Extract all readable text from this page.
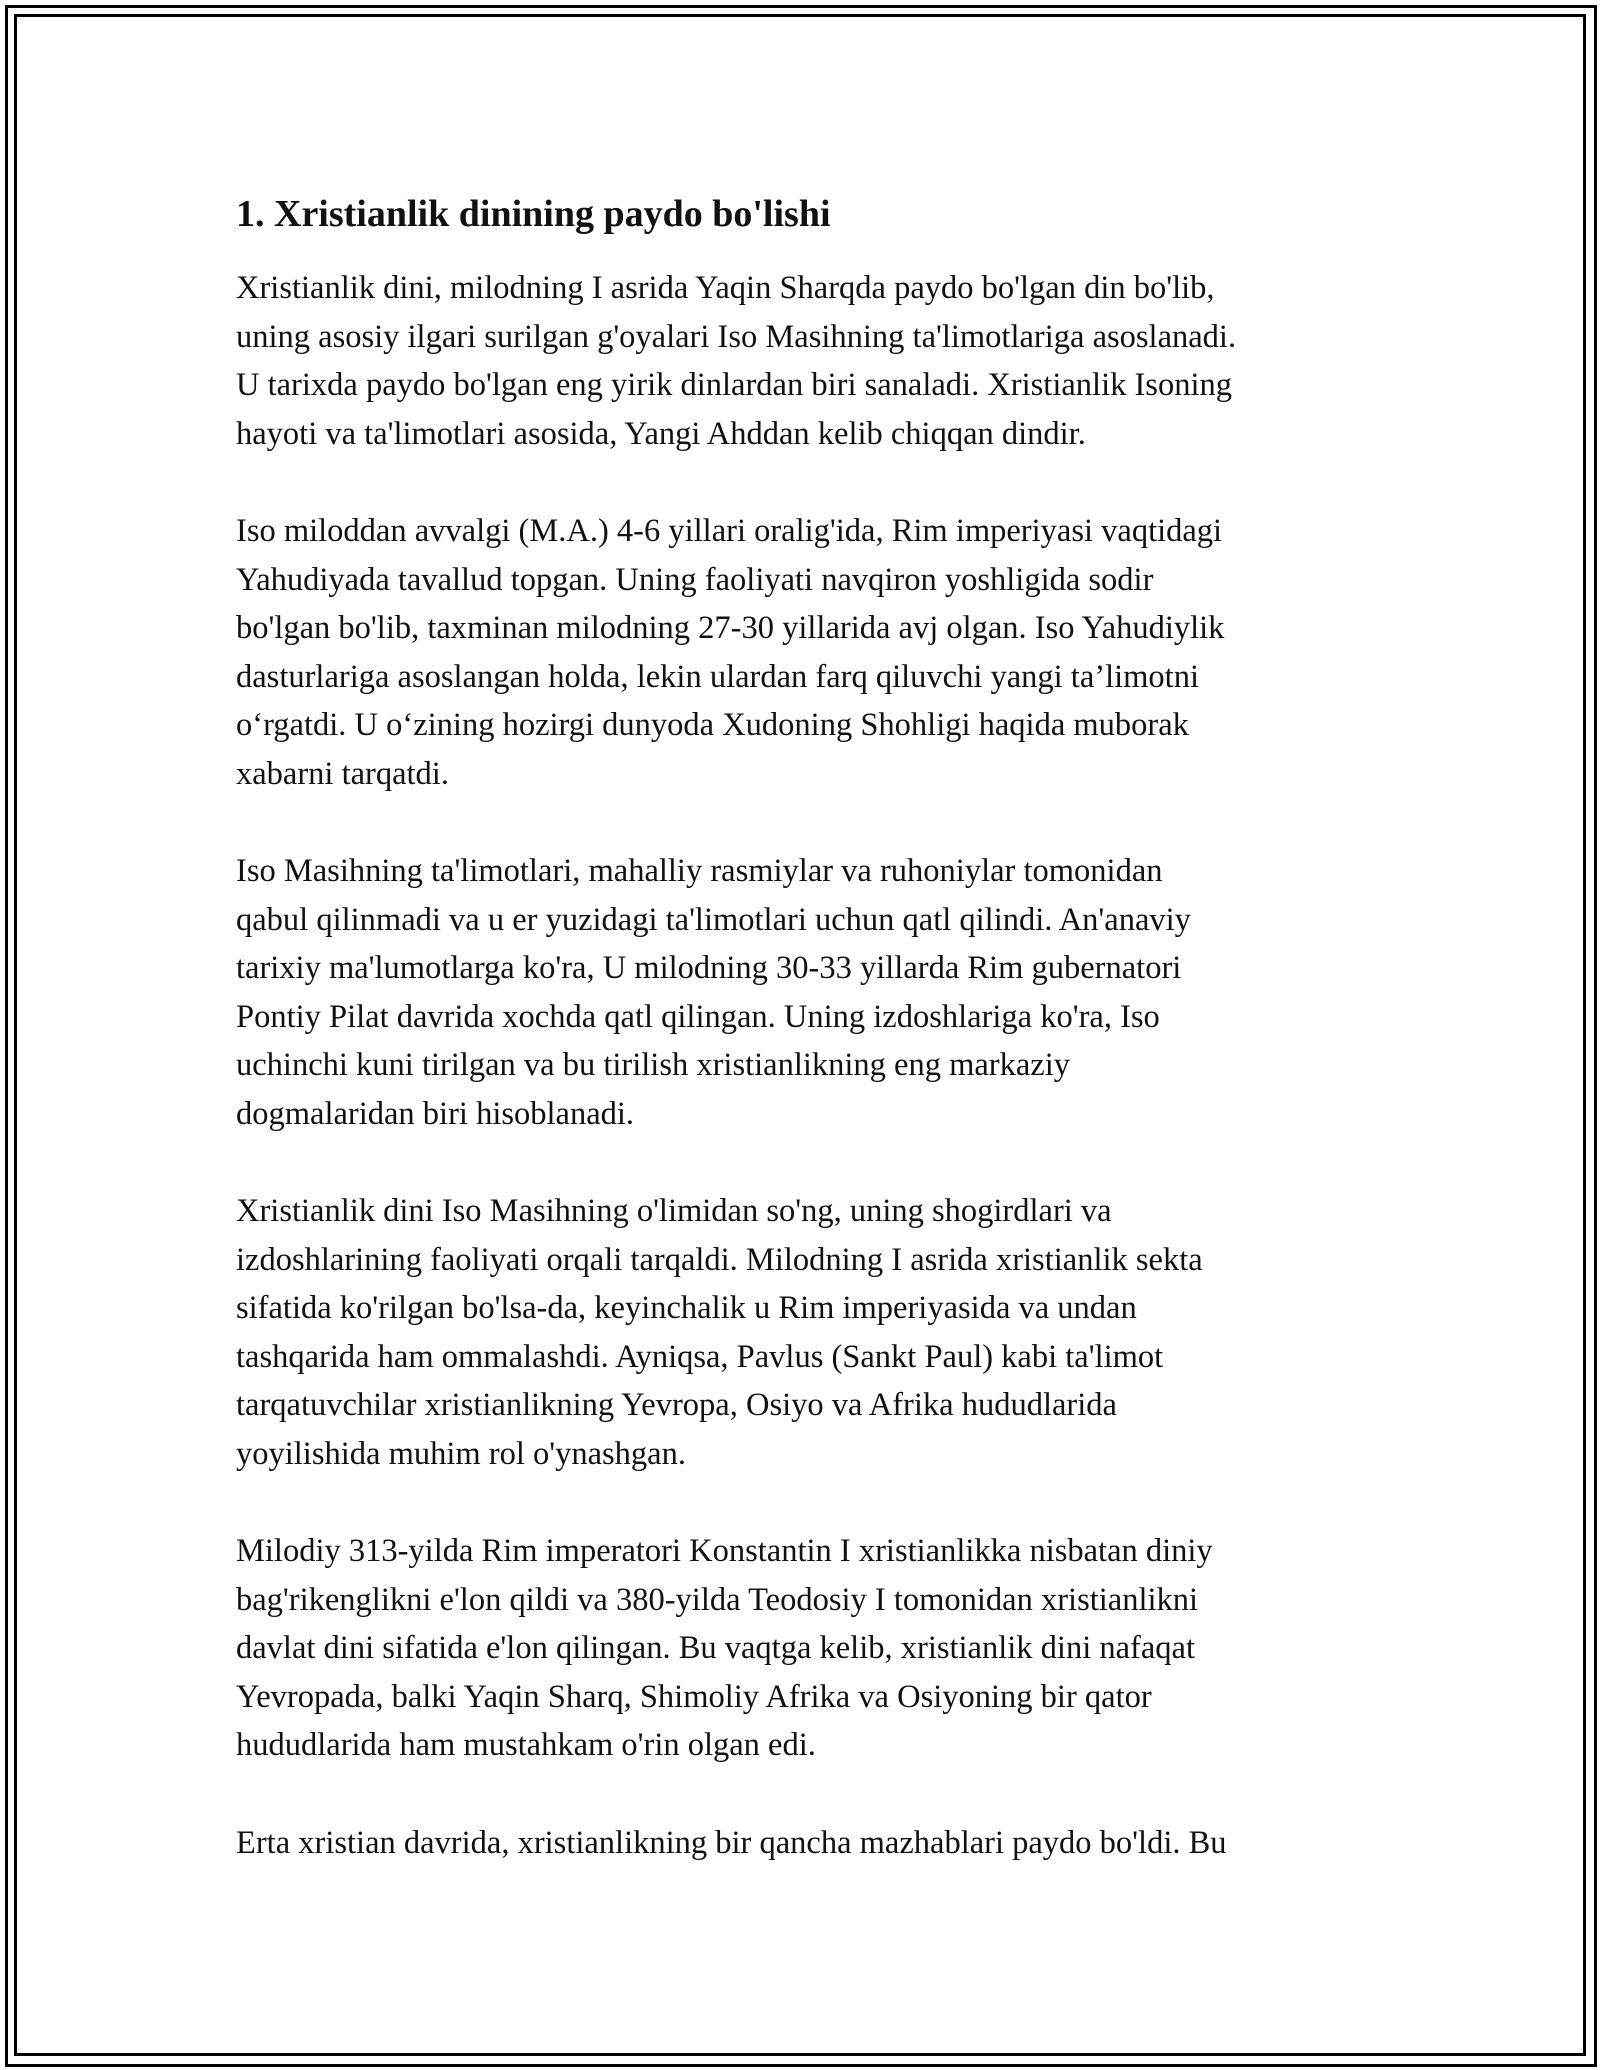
1. Xristianlik dinining paydo bo'lishi

Xristianlik dini, milodning I asrida Yaqin Sharqda paydo bo'lgan din bo'lib,
uning asosiy ilgari surilgan g'oyalari Iso Masihning ta'limotlariga asoslanadi.
U tarixda paydo bo'lgan eng yirik dinlardan biri sanaladi. Xristianlik Isoning
hayoti va ta'limotlari asosida, Yangi Ahddan kelib chiqqan dindir.

Iso miloddan avvalgi (M.A.) 4-6 yillari oralig'ida, Rim imperiyasi vaqtidagi
Yahudiyada tavallud topgan. Uning faoliyati navqiron yoshligida sodir
bo'lgan bo'lib, taxminan milodning 27-30 yillarida avj olgan. Iso Yahudiylik
dasturlariga asoslangan holda, lekin ulardan farq qiluvchi yangi ta’limotni
o‘rgatdi. U o‘zining hozirgi dunyoda Xudoning Shohligi haqida muborak
xabarni tarqatdi.

Iso Masihning ta'limotlari, mahalliy rasmiylar va ruhoniylar tomonidan
qabul qilinmadi va u er yuzidagi ta'limotlari uchun qatl qilindi. An'anaviy
tarixiy ma'lumotlarga ko'ra, U milodning 30-33 yillarda Rim gubernatori
Pontiy Pilat davrida xochda qatl qilingan. Uning izdoshlariga ko'ra, Iso
uchinchi kuni tirilgan va bu tirilish xristianlikning eng markaziy
dogmalaridan biri hisoblanadi.

Xristianlik dini Iso Masihning o'limidan so'ng, uning shogirdlari va
izdoshlarining faoliyati orqali tarqaldi. Milodning I asrida xristianlik sekta
sifatida ko'rilgan bo'lsa-da, keyinchalik u Rim imperiyasida va undan
tashqarida ham ommalashdi. Ayniqsa, Pavlus (Sankt Paul) kabi ta'limot
tarqatuvchilar xristianlikning Yevropa, Osiyo va Afrika hududlarida
yoyilishida muhim rol o'ynashgan.

Milodiy 313-yilda Rim imperatori Konstantin I xristianlikka nisbatan diniy
bag'rikenglikni e'lon qildi va 380-yilda Teodosiy I tomonidan xristianlikni
davlat dini sifatida e'lon qilingan. Bu vaqtga kelib, xristianlik dini nafaqat
Yevropada, balki Yaqin Sharq, Shimoliy Afrika va Osiyoning bir qator
hududlarida ham mustahkam o'rin olgan edi.

Erta xristian davrida, xristianlikning bir qancha mazhablari paydo bo'ldi. Bu
